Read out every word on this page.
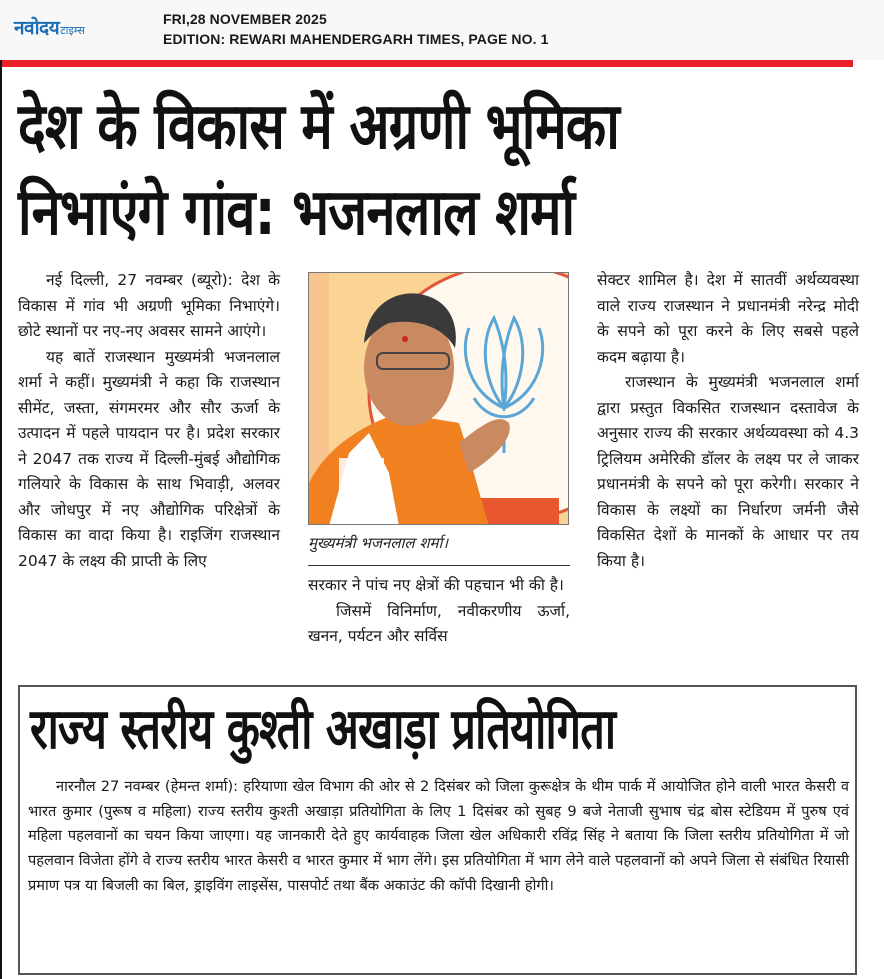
नवोदय टाइम्स
FRI,28 NOVEMBER 2025
EDITION: REWARI MAHENDERGARH TIMES, PAGE NO. 1
देश के विकास में अग्रणी भूमिका
निभाएंगे गांव: भजनलाल शर्मा

नई दिल्ली, 27 नवम्बर (ब्यूरो): देश के विकास में गांव भी अग्रणी भूमिका निभाएंगे। छोटे स्थानों पर नए-नए अवसर सामने आएंगे।

यह बातें राजस्थान मुख्यमंत्री भजनलाल शर्मा ने कहीं। मुख्यमंत्री ने कहा कि राजस्थान सीमेंट, जस्ता, संगमरमर और सौर ऊर्जा के उत्पादन में पहले पायदान पर है। प्रदेश सरकार ने 2047 तक राज्य में दिल्ली-मुंबई औद्योगिक गलियारे के विकास के साथ भिवाड़ी, अलवर और जोधपुर में नए औद्योगिक परिक्षेत्रों के विकास का वादा किया है। राइजिंग राजस्थान 2047 के लक्ष्य की प्राप्ती के लिए

मुख्यमंत्री भजनलाल शर्मा।

सरकार ने पांच नए क्षेत्रों की पहचान भी की है।

जिसमें विनिर्माण, नवीकरणीय ऊर्जा, खनन, पर्यटन और सर्विस

सेक्टर शामिल है। देश में सातवीं अर्थव्यवस्था वाले राज्य राजस्थान ने प्रधानमंत्री नरेन्द्र मोदी के सपने को पूरा करने के लिए सबसे पहले कदम बढ़ाया है।

राजस्थान के मुख्यमंत्री भजनलाल शर्मा द्वारा प्रस्तुत विकसित राजस्थान दस्तावेज के अनुसार राज्य की सरकार अर्थव्यवस्था को 4.3 ट्रिलियम अमेरिकी डॉलर के लक्ष्य पर ले जाकर प्रधानमंत्री के सपने को पूरा करेगी। सरकार ने विकास के लक्ष्यों का निर्धारण जर्मनी जैसे विकसित देशों के मानकों के आधार पर तय किया है।

राज्य स्तरीय कुश्ती अखाड़ा प्रतियोगिता

नारनौल 27 नवम्बर (हेमन्त शर्मा): हरियाणा खेल विभाग की ओर से 2 दिसंबर को जिला कुरूक्षेत्र के थीम पार्क में आयोजित होने वाली भारत केसरी व भारत कुमार (पुरूष व महिला) राज्य स्तरीय कुश्ती अखाड़ा प्रतियोगिता के लिए 1 दिसंबर को सुबह 9 बजे नेताजी सुभाष चंद्र बोस स्टेडियम में पुरुष एवं महिला पहलवानों का चयन किया जाएगा। यह जानकारी देते हुए कार्यवाहक जिला खेल अधिकारी रविंद्र सिंह ने बताया कि जिला स्तरीय प्रतियोगिता में जो पहलवान विजेता होंगे वे राज्य स्तरीय भारत केसरी व भारत कुमार में भाग लेंगे। इस प्रतियोगिता में भाग लेने वाले पहलवानों को अपने जिला से संबंधित रियासी प्रमाण पत्र या बिजली का बिल, ड्राइविंग लाइसेंस, पासपोर्ट तथा बैंक अकाउंट की कॉपी दिखानी होगी।
